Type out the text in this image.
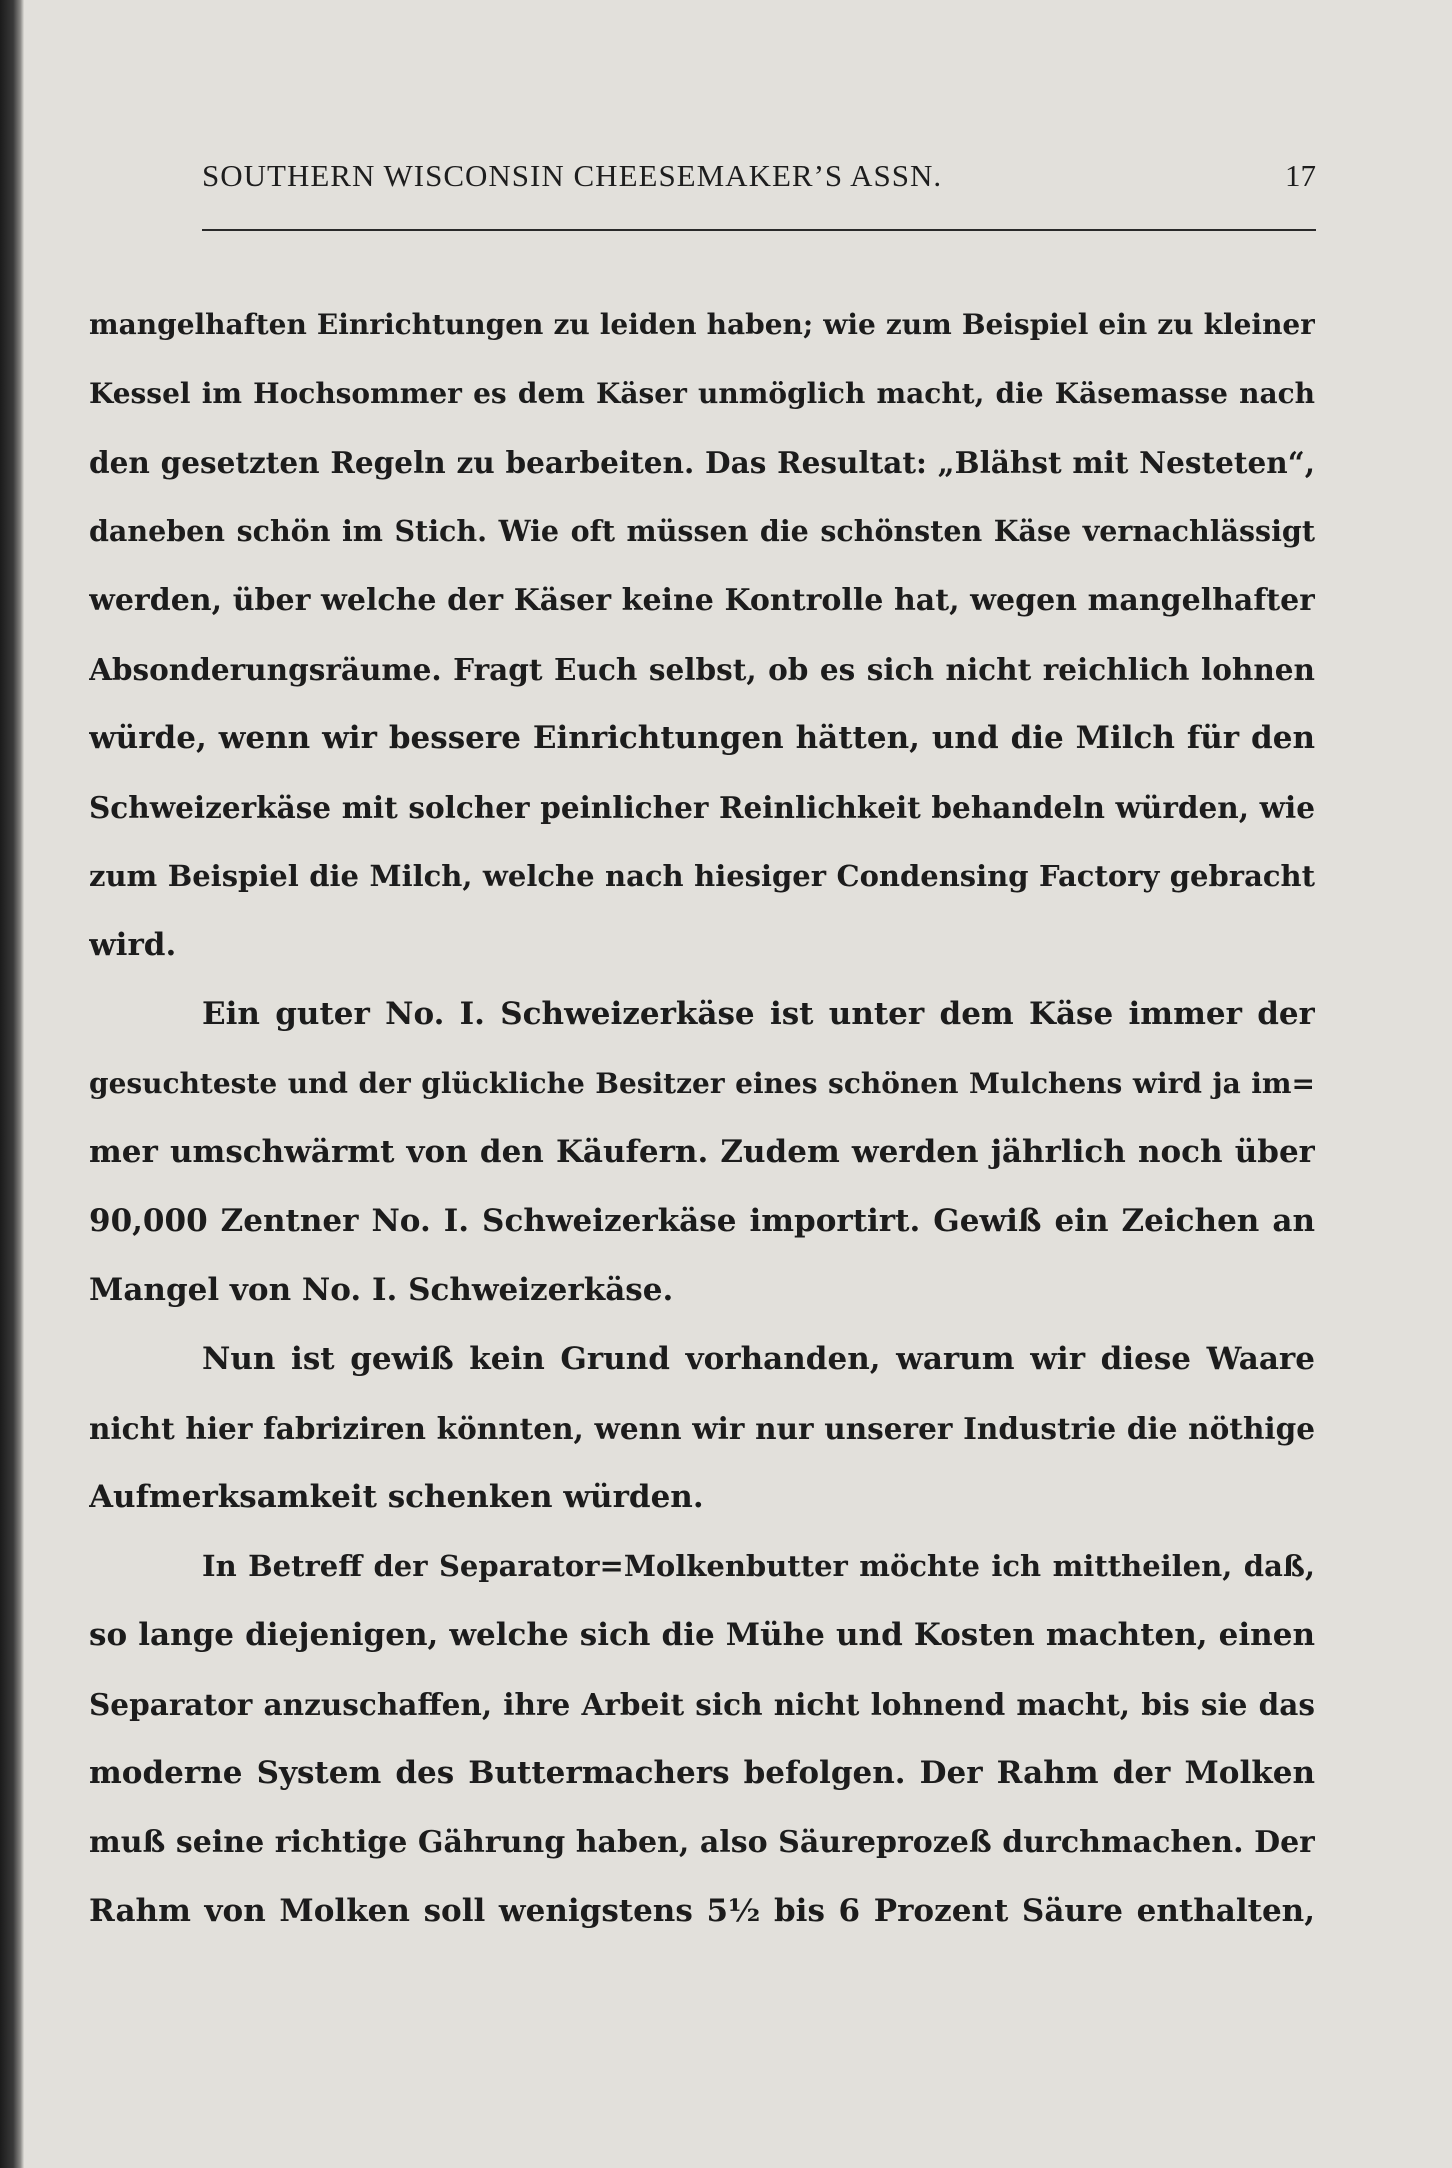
SOUTHERN WISCONSIN CHEESEMAKER’S ASSN.	17
mangelhaften Einrichtungen zu leiden haben; wie zum Beispiel ein zu kleiner
Kessel im Hochsommer es dem Käser unmöglich macht, die Käsemasse nach
den gesetzten Regeln zu bearbeiten. Das Resultat: „Blähst mit Nesteten“,
daneben schön im Stich. Wie oft müssen die schönsten Käse vernachlässigt
werden, über welche der Käser keine Kontrolle hat, wegen mangelhafter
Absonderungsräume. Fragt Euch selbst, ob es sich nicht reichlich lohnen
würde, wenn wir bessere Einrichtungen hätten, und die Milch für den
Schweizerkäse mit solcher peinlicher Reinlichkeit behandeln würden, wie
zum Beispiel die Milch, welche nach hiesiger Condensing Factory gebracht
wird.
Ein guter No. I. Schweizerkäse ist unter dem Käse immer der
gesuchteste und der glückliche Besitzer eines schönen Mulchens wird ja im=
mer umschwärmt von den Käufern. Zudem werden jährlich noch über
90,000 Zentner No. I. Schweizerkäse importirt. Gewiß ein Zeichen an
Mangel von No. I. Schweizerkäse.
Nun ist gewiß kein Grund vorhanden, warum wir diese Waare
nicht hier fabriziren könnten, wenn wir nur unserer Industrie die nöthige
Aufmerksamkeit schenken würden.
In Betreff der Separator=Molkenbutter möchte ich mittheilen, daß,
so lange diejenigen, welche sich die Mühe und Kosten machten, einen
Separator anzuschaffen, ihre Arbeit sich nicht lohnend macht, bis sie das
moderne System des Buttermachers befolgen. Der Rahm der Molken
muß seine richtige Gährung haben, also Säureprozeß durchmachen. Der
Rahm von Molken soll wenigstens 5½ bis 6 Prozent Säure enthalten,
